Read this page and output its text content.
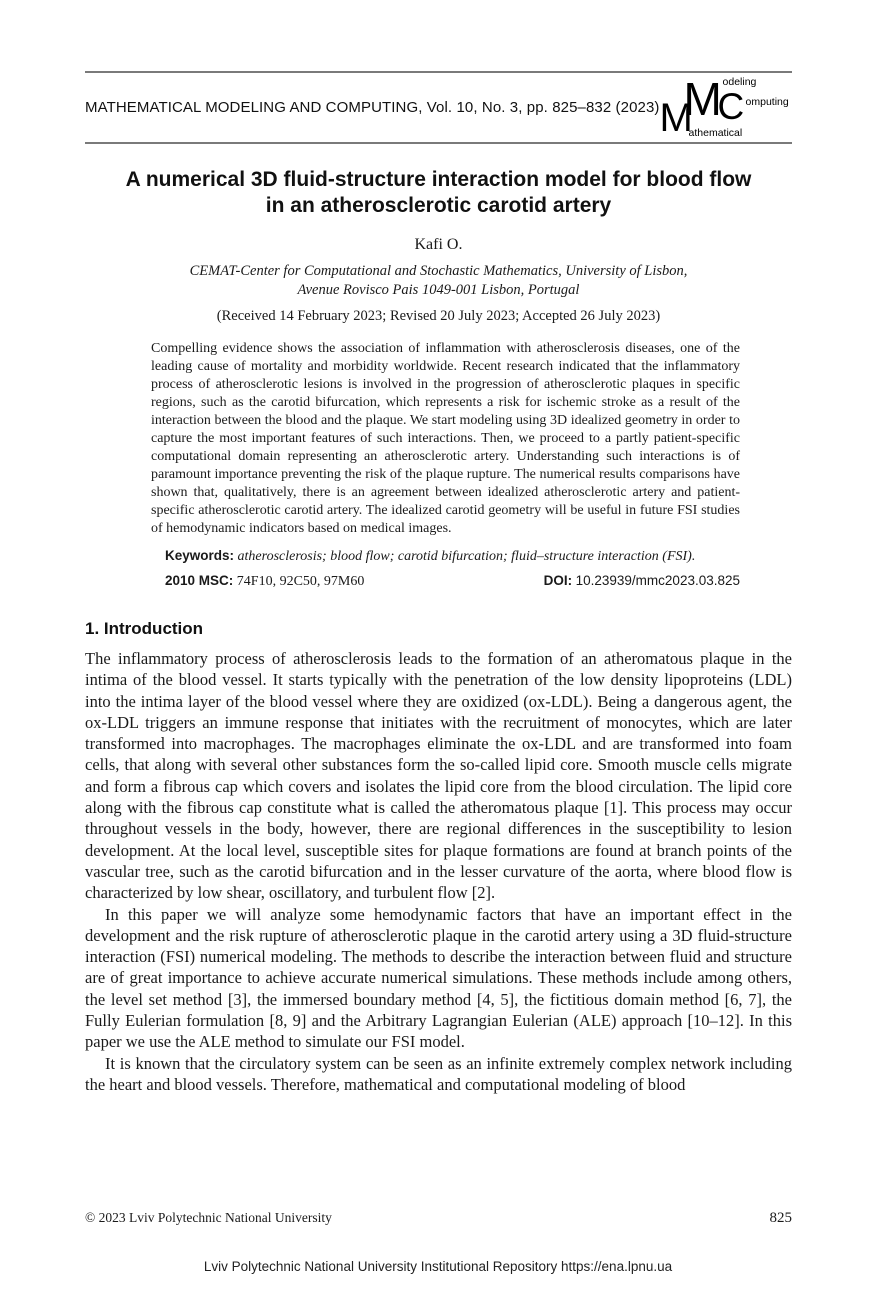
MATHEMATICAL MODELING AND COMPUTING, Vol. 10, No. 3, pp. 825–832 (2023) M
athematical
M odeling
C omputing
A numerical 3D fluid-structure interaction model for blood flow
in an atherosclerotic carotid artery
Kafi O.
CEMAT-Center for Computational and Stochastic Mathematics, University of Lisbon,
Avenue Rovisco Pais 1049-001 Lisbon, Portugal
(Received 14 February 2023; Revised 20 July 2023; Accepted 26 July 2023)
Compelling evidence shows the association of inflammation with atherosclerosis diseases, one of the leading cause of mortality and morbidity worldwide. Recent research indicated that the inflammatory process of atherosclerotic lesions is involved in the progression of atherosclerotic plaques in specific regions, such as the carotid bifurcation, which represents a risk for ischemic stroke as a result of the interaction between the blood and the plaque. We start modeling using 3D idealized geometry in order to capture the most important features of such interactions. Then, we proceed to a partly patient-specific computational domain representing an atherosclerotic artery. Understanding such interactions is of paramount importance preventing the risk of the plaque rupture. The numerical results comparisons have shown that, qualitatively, there is an agreement between idealized atherosclerotic artery and patient-specific atherosclerotic carotid artery. The idealized carotid geometry will be useful in future FSI studies of hemodynamic indicators based on medical images.

Keywords: atherosclerosis; blood flow; carotid bifurcation; fluid–structure interaction (FSI).

2010 MSC: 74F10, 92C50, 97M60	DOI: 10.23939/mmc2023.03.825
1. Introduction

The inflammatory process of atherosclerosis leads to the formation of an atheromatous plaque in the intima of the blood vessel. It starts typically with the penetration of the low density lipoproteins (LDL) into the intima layer of the blood vessel where they are oxidized (ox-LDL). Being a dangerous agent, the ox-LDL triggers an immune response that initiates with the recruitment of monocytes, which are later transformed into macrophages. The macrophages eliminate the ox-LDL and are transformed into foam cells, that along with several other substances form the so-called lipid core. Smooth muscle cells migrate and form a fibrous cap which covers and isolates the lipid core from the blood circulation. The lipid core along with the fibrous cap constitute what is called the atheromatous plaque [1]. This process may occur throughout vessels in the body, however, there are regional differences in the susceptibility to lesion development. At the local level, susceptible sites for plaque formations are found at branch points of the vascular tree, such as the carotid bifurcation and in the lesser curvature of the aorta, where blood flow is characterized by low shear, oscillatory, and turbulent flow [2].

In this paper we will analyze some hemodynamic factors that have an important effect in the development and the risk rupture of atherosclerotic plaque in the carotid artery using a 3D fluid-structure interaction (FSI) numerical modeling. The methods to describe the interaction between fluid and structure are of great importance to achieve accurate numerical simulations. These methods include among others, the level set method [3], the immersed boundary method [4, 5], the fictitious domain method [6, 7], the Fully Eulerian formulation [8, 9] and the Arbitrary Lagrangian Eulerian (ALE) approach [10–12]. In this paper we use the ALE method to simulate our FSI model.

It is known that the circulatory system can be seen as an infinite extremely complex network including the heart and blood vessels. Therefore, mathematical and computational modeling of blood

© 2023 Lviv Polytechnic National University	825
Lviv Polytechnic National University Institutional Repository https://ena.lpnu.ua
